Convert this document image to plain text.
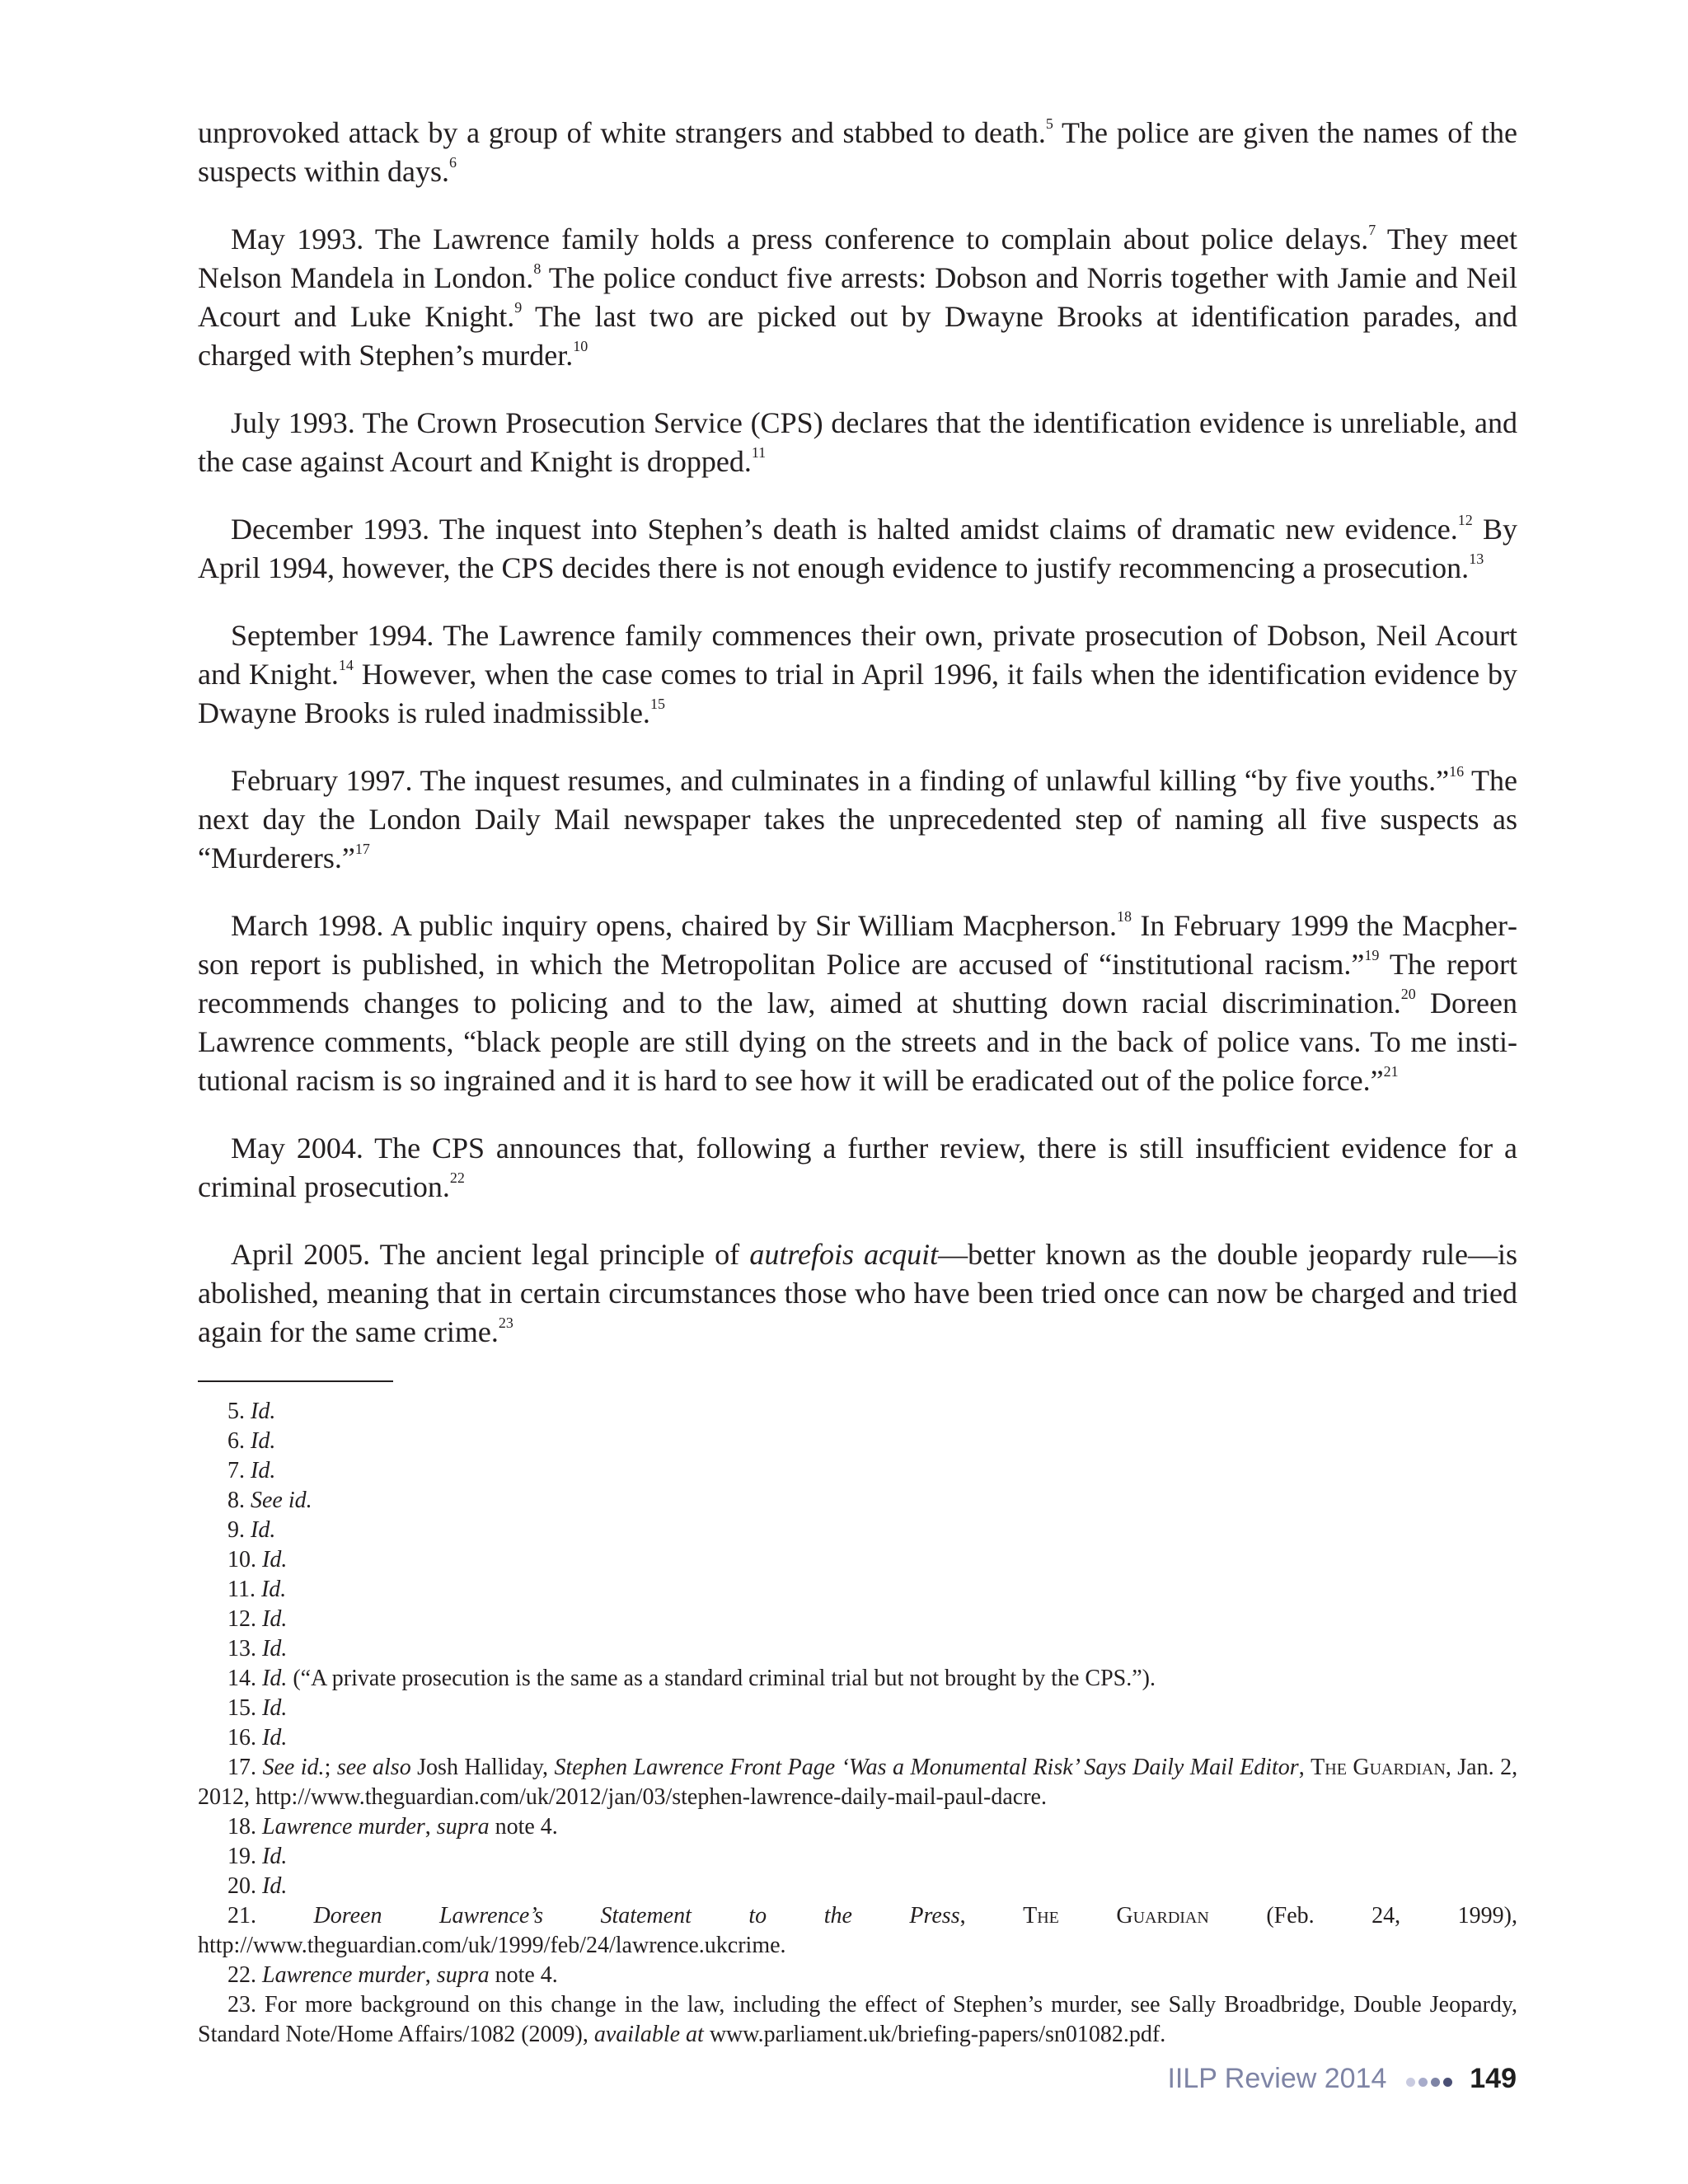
unprovoked attack by a group of white strangers and stabbed to death.$^5$ The police are given the names of the suspects within days.$^6$

May 1993. The Lawrence family holds a press conference to complain about police delays.$^7$ They meet Nelson Mandela in London.$^8$ The police conduct five arrests: Dobson and Norris together with Jamie and Neil Acourt and Luke Knight.$^9$ The last two are picked out by Dwayne Brooks at identification parades, and charged with Stephen’s murder.$^{10}$

July 1993. The Crown Prosecution Service (CPS) declares that the identification evidence is unreliable, and the case against Acourt and Knight is dropped.$^{11}$

December 1993. The inquest into Stephen’s death is halted amidst claims of dramatic new evidence.$^{12}$ By April 1994, however, the CPS decides there is not enough evidence to justify recommencing a prosecution.$^{13}$

September 1994. The Lawrence family commences their own, private prosecution of Dobson, Neil Acourt and Knight.$^{14}$ However, when the case comes to trial in April 1996, it fails when the identification evidence by Dwayne Brooks is ruled inadmissible.$^{15}$

February 1997. The inquest resumes, and culminates in a finding of unlawful killing “by five youths.”$^{16}$ The next day the London Daily Mail newspaper takes the unprecedented step of naming all five suspects as “Murderers.”$^{17}$

March 1998. A public inquiry opens, chaired by Sir William Macpherson.$^{18}$ In February 1999 the Macpherson report is published, in which the Metropolitan Police are accused of “institutional racism.”$^{19}$ The report recommends changes to policing and to the law, aimed at shutting down racial discrimination.$^{20}$ Doreen Lawrence comments, “black people are still dying on the streets and in the back of police vans. To me institutional racism is so ingrained and it is hard to see how it will be eradicated out of the police force.”$^{21}$

May 2004. The CPS announces that, following a further review, there is still insufficient evidence for a criminal prosecution.$^{22}$

April 2005. The ancient legal principle of autrefois acquit—better known as the double jeopardy rule—is abolished, meaning that in certain circumstances those who have been tried once can now be charged and tried again for the same crime.$^{23}$

5. Id.

6. Id.

7. Id.

8. See id.

9. Id.

10. Id.

11. Id.

12. Id.

13. Id.

14. Id. (“A private prosecution is the same as a standard criminal trial but not brought by the CPS.”).

15. Id.

16. Id.

17. See id.; see also Josh Halliday, Stephen Lawrence Front Page ‘Was a Monumental Risk’ Says Daily Mail Editor, The Guardian, Jan. 2, 2012, http://www.theguardian.com/uk/2012/jan/03/stephen-lawrence-daily-mail-paul-dacre.

18. Lawrence murder, supra note 4.

19. Id.

20. Id.

21. Doreen Lawrence’s Statement to the Press, The Guardian (Feb. 24, 1999), http://www.theguardian.com/uk/1999/feb/24/lawrence.ukcrime.

22. Lawrence murder, supra note 4.

23. For more background on this change in the law, including the effect of Stephen’s murder, see Sally Broadbridge, Double Jeopardy, Standard Note/Home Affairs/1082 (2009), available at www.parliament.uk/briefing-papers/sn01082.pdf.

IILP Review 2014	149
